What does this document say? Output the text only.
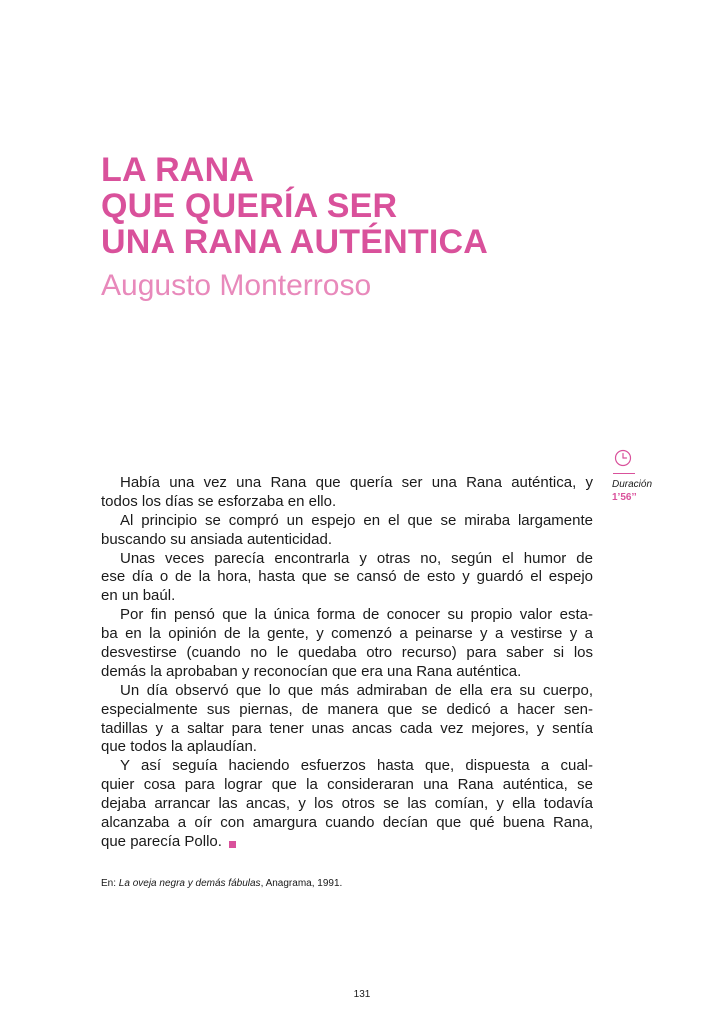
LA RANA
QUE QUERÍA SER
UNA RANA AUTÉNTICA
Augusto Monterroso
Duración
1’56’’
Había una vez una Rana que quería ser una Rana auténtica, y
todos los días se esforzaba en ello.
Al principio se compró un espejo en el que se miraba largamente
buscando su ansiada autenticidad.
Unas veces parecía encontrarla y otras no, según el humor de
ese día o de la hora, hasta que se cansó de esto y guardó el espejo
en un baúl.
Por fin pensó que la única forma de conocer su propio valor esta-
ba en la opinión de la gente, y comenzó a peinarse y a vestirse y a
desvestirse (cuando no le quedaba otro recurso) para saber si los
demás la aprobaban y reconocían que era una Rana auténtica.
Un día observó que lo que más admiraban de ella era su cuerpo,
especialmente sus piernas, de manera que se dedicó a hacer sen-
tadillas y a saltar para tener unas ancas cada vez mejores, y sentía
que todos la aplaudían.
Y así seguía haciendo esfuerzos hasta que, dispuesta a cual-
quier cosa para lograr que la consideraran una Rana auténtica, se
dejaba arrancar las ancas, y los otros se las comían, y ella todavía
alcanzaba a oír con amargura cuando decían que qué buena Rana,
que parecía Pollo.
En: La oveja negra y demás fábulas, Anagrama, 1991.
131
